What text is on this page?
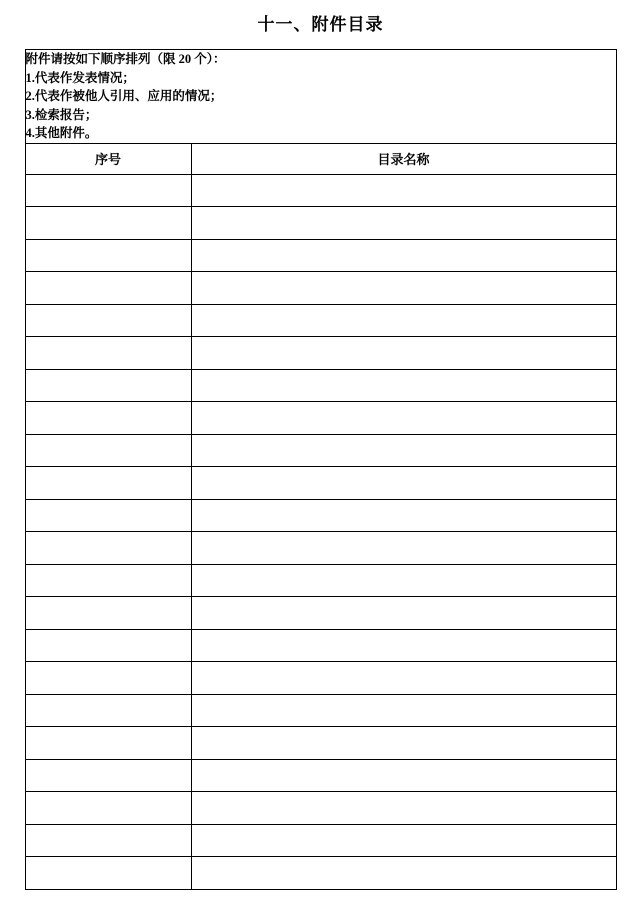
十一、附件目录
附件请按如下顺序排列（限 20 个）：
1.代表作发表情况；
2.代表作被他人引用、应用的情况；
3.检索报告；
4.其他附件。	

序号	目录名称
